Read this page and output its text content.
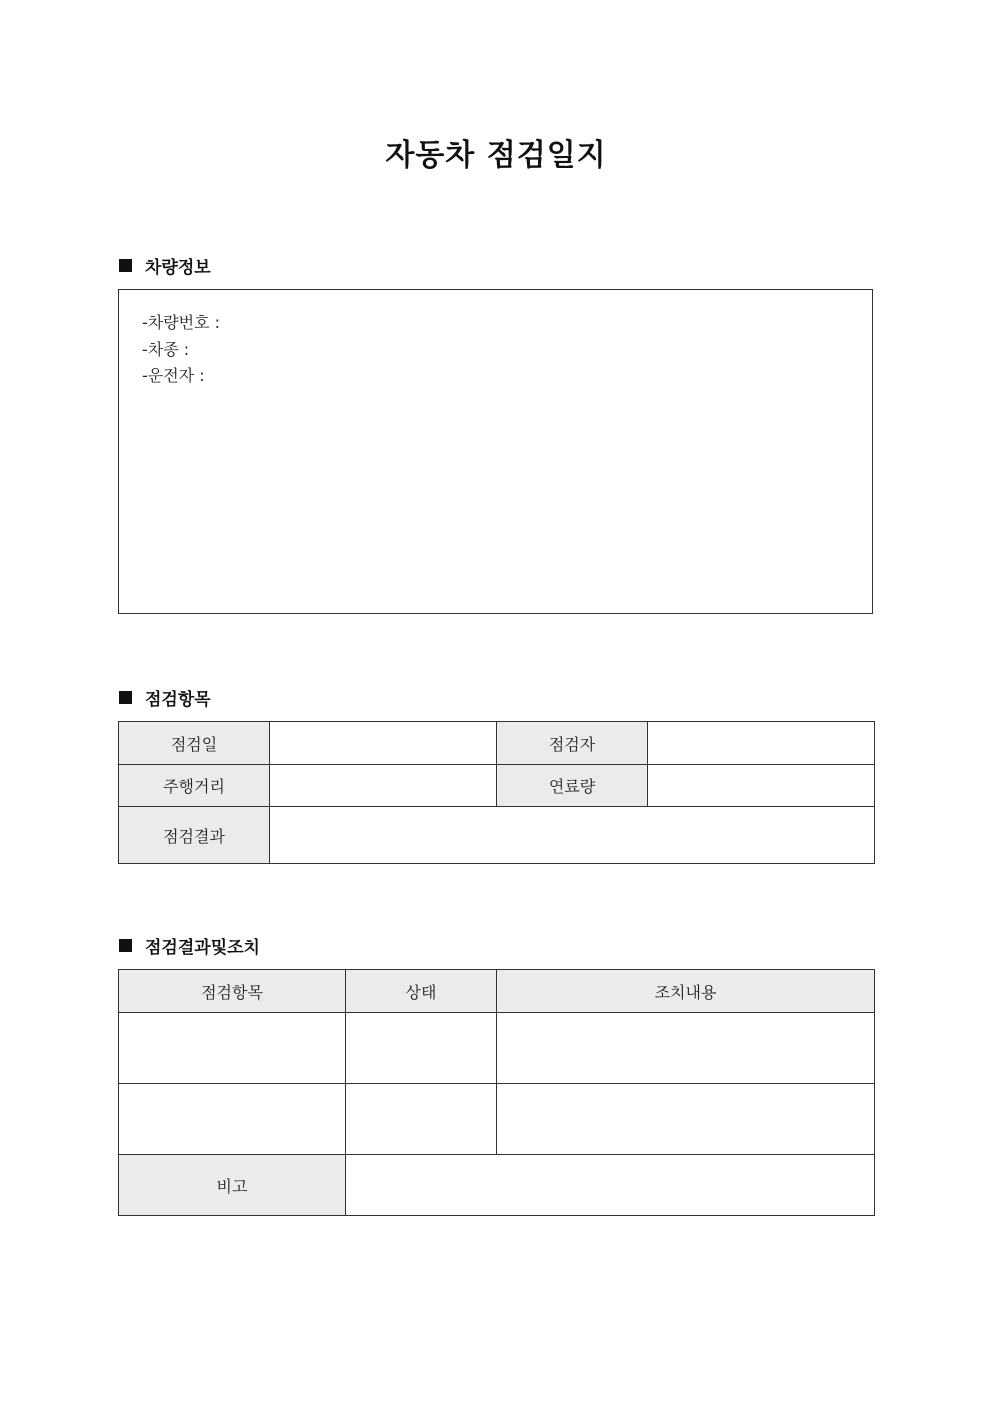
자동차 점검일지
차량정보
-차량번호 :
-차종 :
-운전자 :
점검항목
점검일		점검자	
주행거리		연료량	
점검결과			
점검결과및조치
점검항목	상태	조치내용

비고		
